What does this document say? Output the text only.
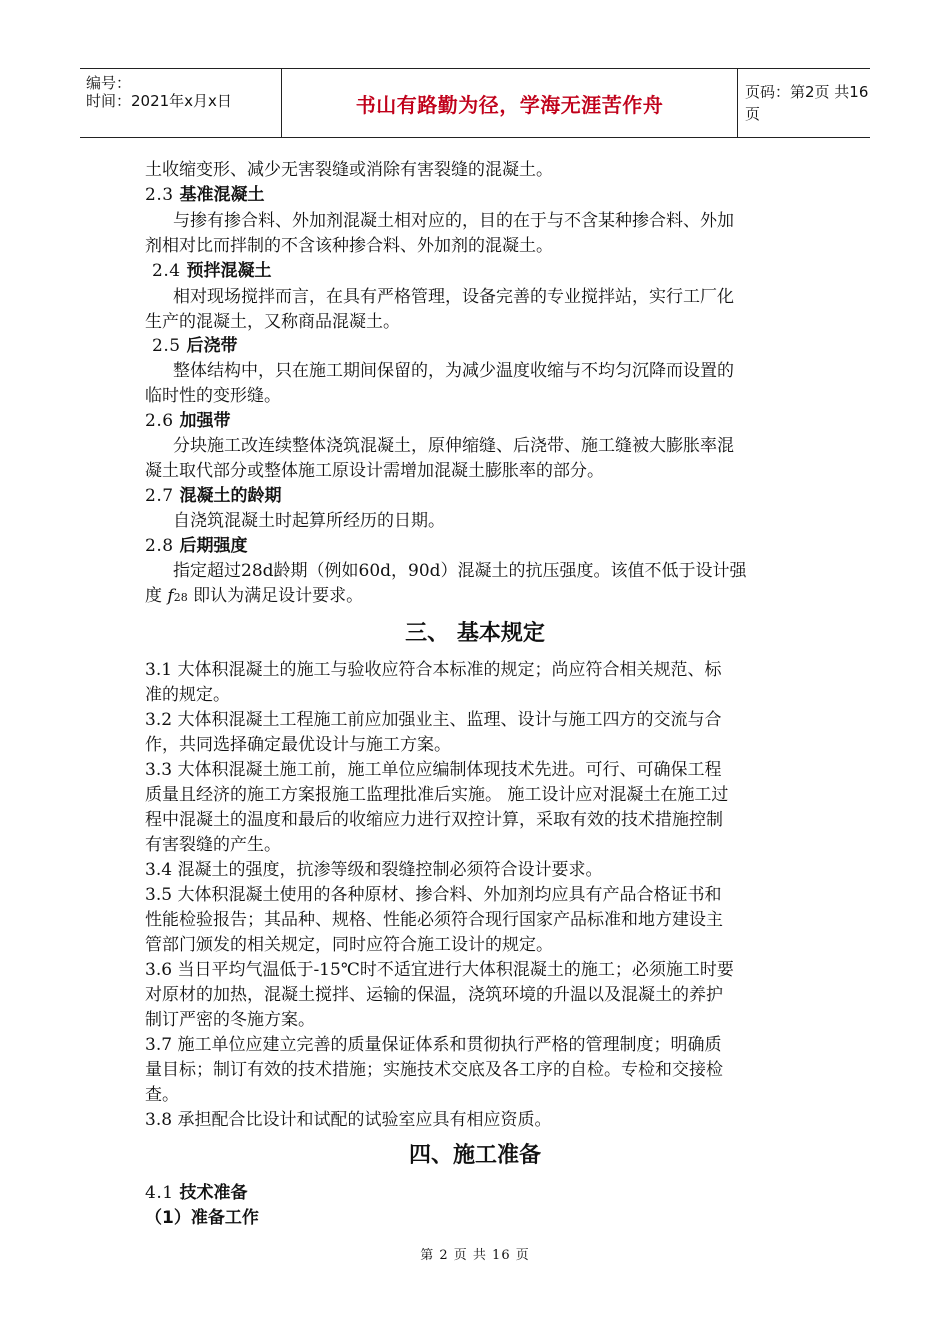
编号：
时间：2021年x月x日	书山有路勤为径，学海无涯苦作舟
页码：第2页 共16页
土收缩变形、减少无害裂缝或消除有害裂缝的混凝土。
2.3 基准混凝土
与掺有掺合料、外加剂混凝土相对应的，目的在于与不含某种掺合料、外加
剂相对比而拌制的不含该种掺合料、外加剂的混凝土。
2.4 预拌混凝土
相对现场搅拌而言，在具有严格管理，设备完善的专业搅拌站，实行工厂化
生产的混凝土，又称商品混凝土。
2.5 后浇带
整体结构中，只在施工期间保留的，为减少温度收缩与不均匀沉降而设置的
临时性的变形缝。
2.6 加强带
分块施工改连续整体浇筑混凝土，原伸缩缝、后浇带、施工缝被大膨胀率混
凝土取代部分或整体施工原设计需增加混凝土膨胀率的部分。
2.7 混凝土的龄期
自浇筑混凝土时起算所经历的日期。
2.8 后期强度
指定超过28d龄期（例如60d，90d）混凝土的抗压强度。该值不低于设计强
度 f28 即认为满足设计要求。
三、 基本规定
3.1 大体积混凝土的施工与验收应符合本标准的规定；尚应符合相关规范、标
准的规定。
3.2 大体积混凝土工程施工前应加强业主、监理、设计与施工四方的交流与合
作，共同选择确定最优设计与施工方案。
3.3 大体积混凝土施工前，施工单位应编制体现技术先进。可行、可确保工程
质量且经济的施工方案报施工监理批准后实施。 施工设计应对混凝土在施工过
程中混凝土的温度和最后的收缩应力进行双控计算，采取有效的技术措施控制
有害裂缝的产生。
3.4 混凝土的强度，抗渗等级和裂缝控制必须符合设计要求。
3.5 大体积混凝土使用的各种原材、掺合料、外加剂均应具有产品合格证书和
性能检验报告；其品种、规格、性能必须符合现行国家产品标准和地方建设主
管部门颁发的相关规定，同时应符合施工设计的规定。
3.6 当日平均气温低于-15℃时不适宜进行大体积混凝土的施工；必须施工时要
对原材的加热，混凝土搅拌、运输的保温，浇筑环境的升温以及混凝土的养护
制订严密的冬施方案。
3.7 施工单位应建立完善的质量保证体系和贯彻执行严格的管理制度；明确质
量目标；制订有效的技术措施；实施技术交底及各工序的自检。专检和交接检
查。
3.8 承担配合比设计和试配的试验室应具有相应资质。
四、施工准备
4.1 技术准备
（1）准备工作
第 2 页 共 16 页
